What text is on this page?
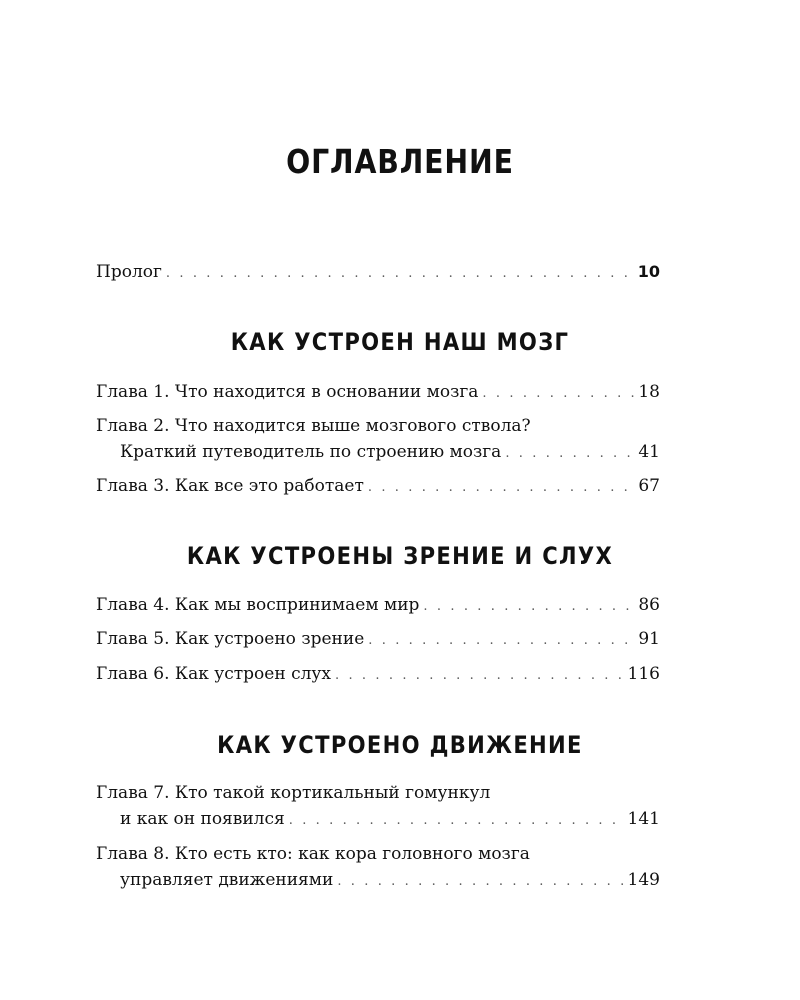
ОГЛАВЛЕНИЕ
Пролог . . .	10
КАК УСТРОЕН НАШ МОЗГ
Глава 1. Что находится в основании мозга . . .	18
Глава 2. Что находится выше мозгового ствола?
Краткий путеводитель по строению мозга . . .	41
Глава 3. Как все это работает . . .	67
КАК УСТРОЕНЫ ЗРЕНИЕ И СЛУХ
Глава 4. Как мы воспринимаем мир . . .	86
Глава 5. Как устроено зрение . . .	91
Глава 6. Как устроен слух . . .	116
КАК УСТРОЕНО ДВИЖЕНИЕ
Глава 7. Кто такой кортикальный гомункул
и как он появился . . .	141
Глава 8. Кто есть кто: как кора головного мозга
управляет движениями . . .	149
